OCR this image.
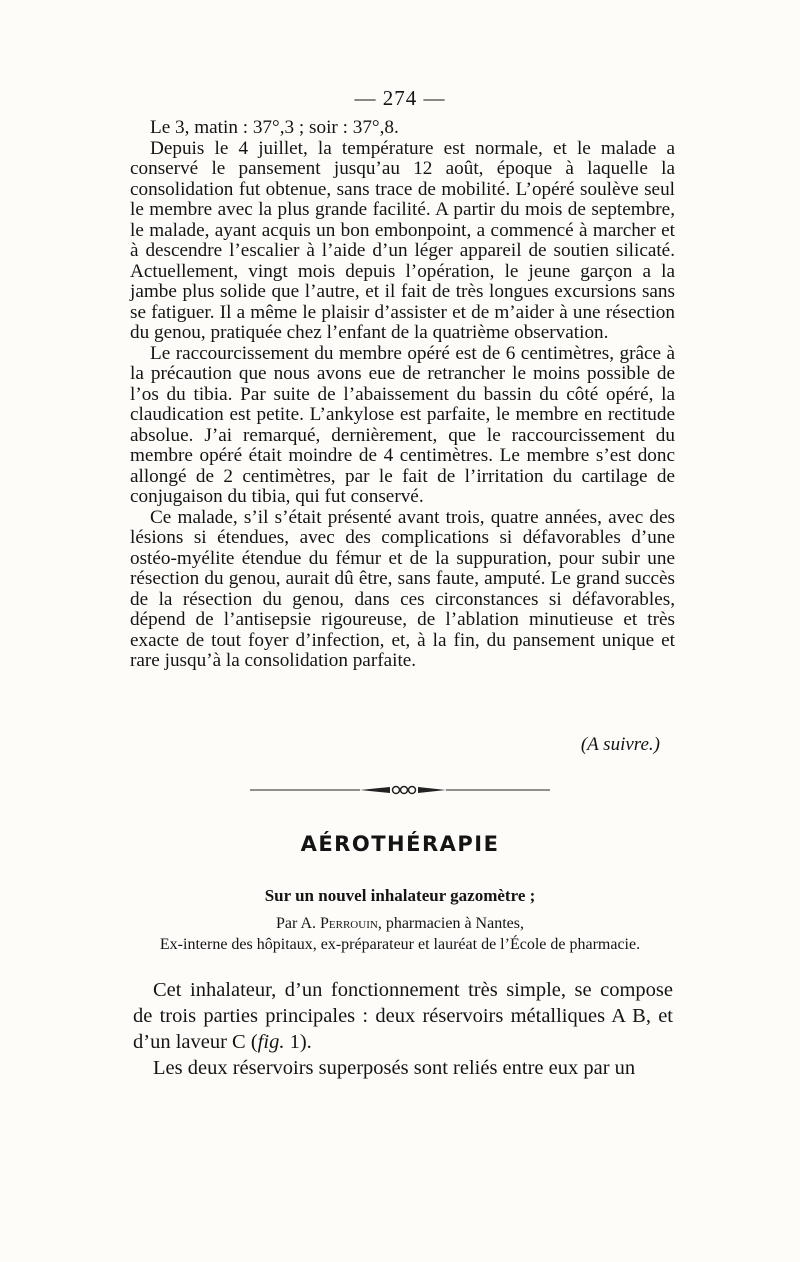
— 274 —

Le 3, matin : 37°,3 ; soir : 37°,8.

Depuis le 4 juillet, la température est normale, et le malade a conservé le pansement jusqu’au 12 août, époque à laquelle la consolidation fut obtenue, sans trace de mobilité. L’opéré soulève seul le membre avec la plus grande facilité. A partir du mois de septembre, le malade, ayant acquis un bon embonpoint, a commencé à marcher et à descendre l’escalier à l’aide d’un léger appareil de soutien silicaté. Actuellement, vingt mois depuis l’opération, le jeune garçon a la jambe plus solide que l’autre, et il fait de très longues excursions sans se fatiguer. Il a même le plaisir d’assister et de m’aider à une résection du genou, pratiquée chez l’enfant de la quatrième observation.

Le raccourcissement du membre opéré est de 6 centimètres, grâce à la précaution que nous avons eue de retrancher le moins possible de l’os du tibia. Par suite de l’abaissement du bassin du côté opéré, la claudication est petite. L’ankylose est parfaite, le membre en rectitude absolue. J’ai remarqué, dernièrement, que le raccourcissement du membre opéré était moindre de 4 centimètres. Le membre s’est donc allongé de 2 centimètres, par le fait de l’irritation du cartilage de conjugaison du tibia, qui fut conservé.

Ce malade, s’il s’était présenté avant trois, quatre années, avec des lésions si étendues, avec des complications si défavorables d’une ostéo-myélite étendue du fémur et de la suppuration, pour subir une résection du genou, aurait dû être, sans faute, amputé. Le grand succès de la résection du genou, dans ces circonstances si défavorables, dépend de l’antisepsie rigoureuse, de l’ablation minutieuse et très exacte de tout foyer d’infection, et, à la fin, du pansement unique et rare jusqu’à la consolidation parfaite.

(A suivre.)
AÉROTHÉRAPIE
Sur un nouvel inhalateur gazomètre ;
Par A. Perrouin, pharmacien à Nantes,
Ex-interne des hôpitaux, ex-préparateur et lauréat de l’École de pharmacie.

Cet inhalateur, d’un fonctionnement très simple, se compose de trois parties principales : deux réservoirs métalliques A B, et d’un laveur C (fig. 1).

Les deux réservoirs superposés sont reliés entre eux par un
